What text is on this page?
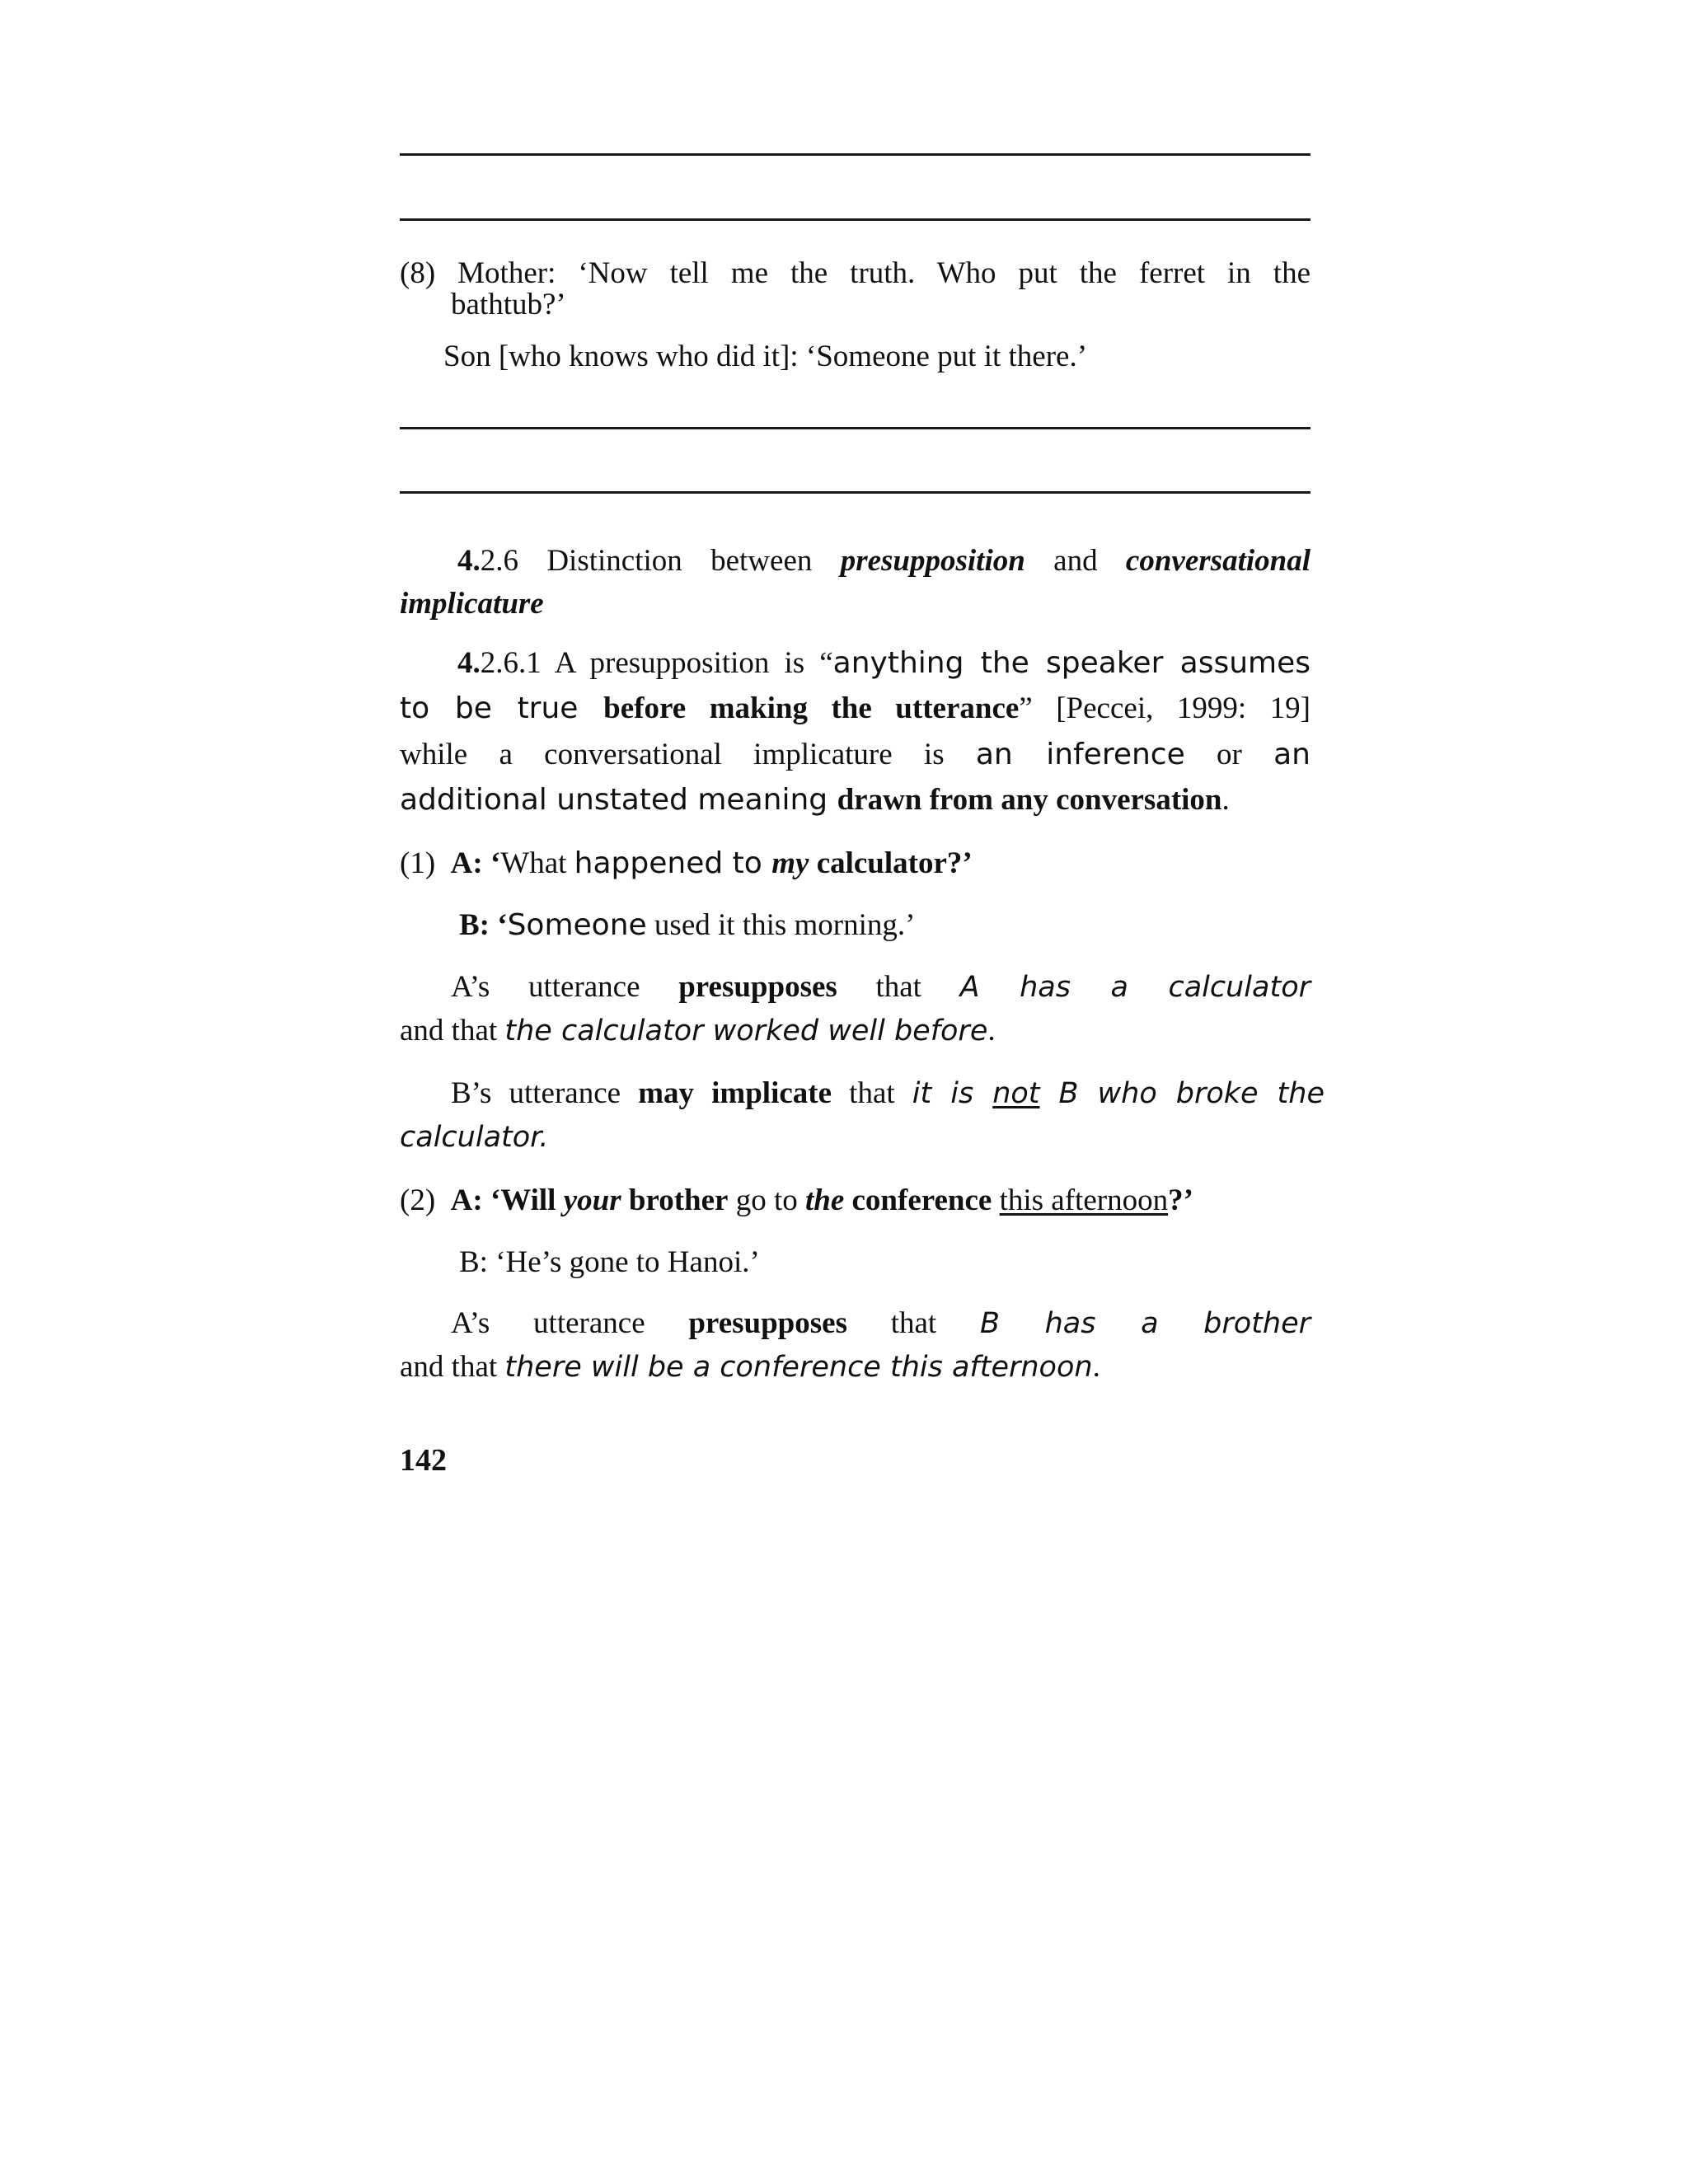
(8) Mother: ‘Now tell me the truth. Who put the ferret in the
bathtub?’
Son [who knows who did it]: ‘Someone put it there.’
4.2.6 Distinction between presupposition and conversational
implicature
4.2.6.1 A presupposition is “anything the speaker assumes
to be true before making the utterance” [Peccei, 1999: 19]
while a conversational implicature is an inference or an
additional unstated meaning drawn from any conversation.
(1) A: ‘What happened to my calculator?’
B: ‘Someone used it this morning.’
A’s utterance presupposes that A has a calculator
and that the calculator worked well before.
B’s utterance may implicate that it is not B who broke the
calculator.
(2) A: ‘Will your brother go to the conference this afternoon?’
B: ‘He’s gone to Hanoi.’
A’s utterance presupposes that B has a brother
and that there will be a conference this afternoon.
142
